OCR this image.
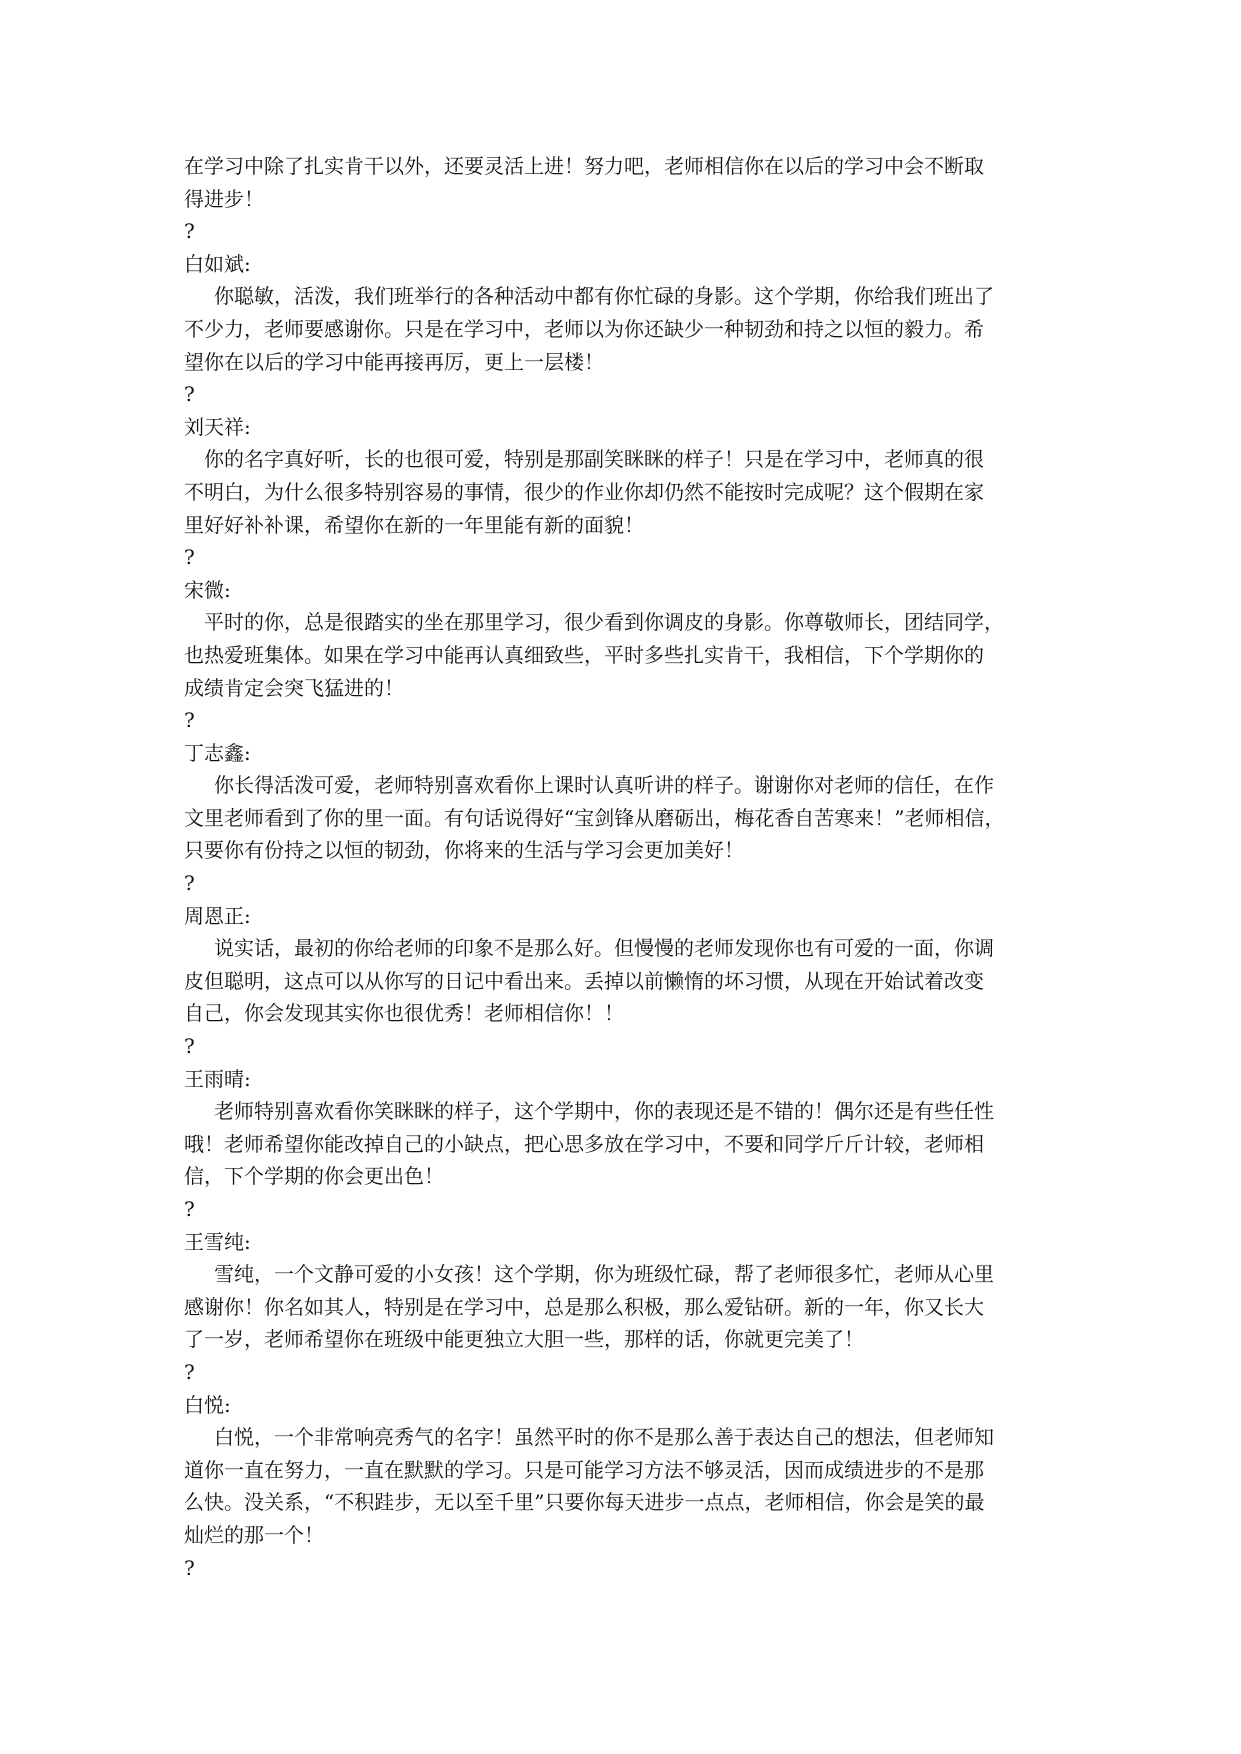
在学习中除了扎实肯干以外，还要灵活上进！努力吧，老师相信你在以后的学习中会不断取
得进步！
?
白如斌:
你聪敏，活泼，我们班举行的各种活动中都有你忙碌的身影。这个学期，你给我们班出了
不少力，老师要感谢你。只是在学习中，老师以为你还缺少一种韧劲和持之以恒的毅力。希
望你在以后的学习中能再接再厉，更上一层楼！
?
刘天祥:
你的名字真好听，长的也很可爱，特别是那副笑眯眯的样子！只是在学习中，老师真的很
不明白，为什么很多特别容易的事情，很少的作业你却仍然不能按时完成呢？这个假期在家
里好好补补课，希望你在新的一年里能有新的面貌！
?
宋微:
平时的你，总是很踏实的坐在那里学习，很少看到你调皮的身影。你尊敬师长，团结同学，
也热爱班集体。如果在学习中能再认真细致些，平时多些扎实肯干，我相信，下个学期你的
成绩肯定会突飞猛进的！
?
丁志鑫:
你长得活泼可爱，老师特别喜欢看你上课时认真听讲的样子。谢谢你对老师的信任，在作
文里老师看到了你的里一面。有句话说得好“宝剑锋从磨砺出，梅花香自苦寒来！”老师相信，
只要你有份持之以恒的韧劲，你将来的生活与学习会更加美好！
?
周恩正:
说实话，最初的你给老师的印象不是那么好。但慢慢的老师发现你也有可爱的一面，你调
皮但聪明，这点可以从你写的日记中看出来。丢掉以前懒惰的坏习惯，从现在开始试着改变
自己，你会发现其实你也很优秀！老师相信你！！
?
王雨晴:
老师特别喜欢看你笑眯眯的样子，这个学期中，你的表现还是不错的！偶尔还是有些任性
哦！老师希望你能改掉自己的小缺点，把心思多放在学习中，不要和同学斤斤计较，老师相
信，下个学期的你会更出色！
?
王雪纯:
雪纯，一个文静可爱的小女孩！这个学期，你为班级忙碌，帮了老师很多忙，老师从心里
感谢你！你名如其人，特别是在学习中，总是那么积极，那么爱钻研。新的一年，你又长大
了一岁，老师希望你在班级中能更独立大胆一些，那样的话，你就更完美了！
?
白悦:
白悦，一个非常响亮秀气的名字！虽然平时的你不是那么善于表达自己的想法，但老师知
道你一直在努力，一直在默默的学习。只是可能学习方法不够灵活，因而成绩进步的不是那
么快。没关系，“不积跬步，无以至千里”只要你每天进步一点点，老师相信，你会是笑的最
灿烂的那一个！
?
